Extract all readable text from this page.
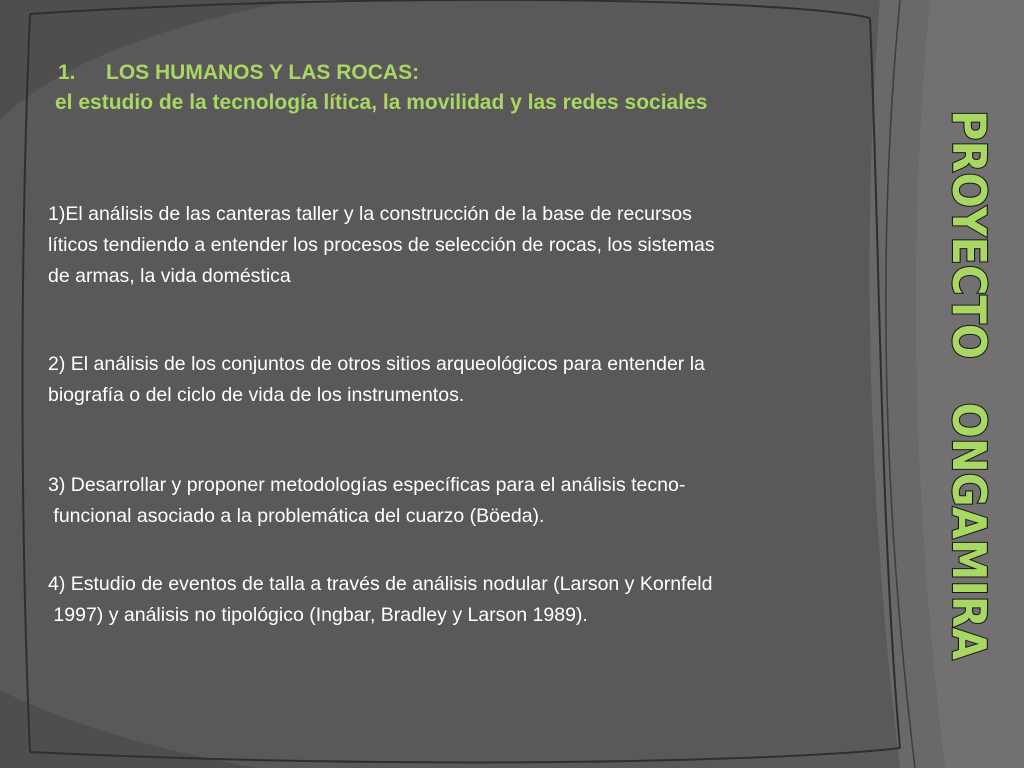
1.	LOS HUMANOS Y LAS ROCAS:
el estudio de la tecnología lítica, la movilidad y las redes sociales
1)El análisis de las canteras taller y la construcción de la base de recursos
líticos tendiendo a entender los procesos de selección de rocas, los sistemas
de armas, la vida doméstica
2) El análisis de los conjuntos de otros sitios arqueológicos para entender la
biografía o del ciclo de vida de los instrumentos.
3) Desarrollar y proponer metodologías específicas para el análisis tecno-
funcional asociado a la problemática del cuarzo (Böeda).
4) Estudio de eventos de talla a través de análisis nodular (Larson y Kornfeld
1997) y análisis no tipológico (Ingbar, Bradley y Larson 1989).	PROYECTO   ONGAMIRA
